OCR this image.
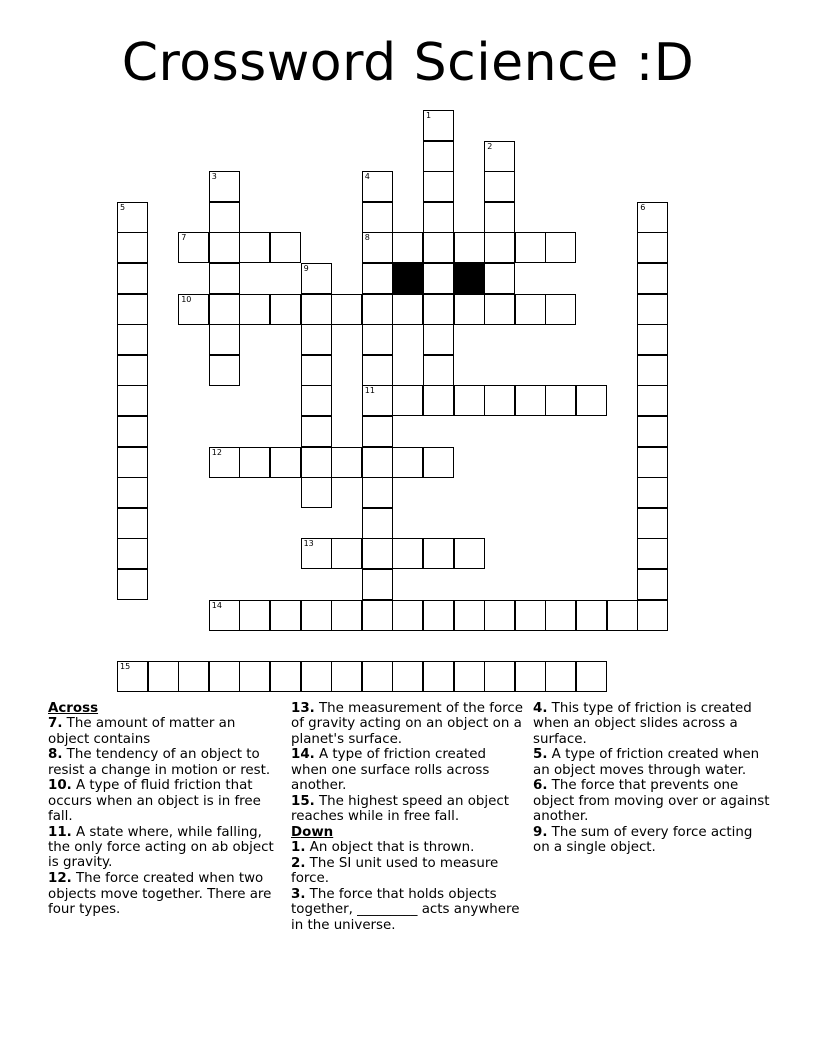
Crossword Science :D
1
2
3	4
8
11
5	6
7
9
10
12
13
14
15
Across
7. The amount of matter an object contains
8. The tendency of an object to resist a change in motion or rest.
10. A type of fluid friction that occurs when an object is in free fall.
11. A state where, while falling, the only force acting on ab object is gravity.
12. The force created when two objects move together. There are four types.
13. The measurement of the force of gravity acting on an object on a planet's surface.
14. A type of friction created when one surface rolls across another.
15. The highest speed an object reaches while in free fall.
Down
1. An object that is thrown.
2. The SI unit used to measure force.
3. The force that holds objects together, _________ acts anywhere in the universe.
4. This type of friction is created when an object slides across a surface.
5. A type of friction created when an object moves through water.
6. The force that prevents one object from moving over or against another.
9. The sum of every force acting on a single object.
